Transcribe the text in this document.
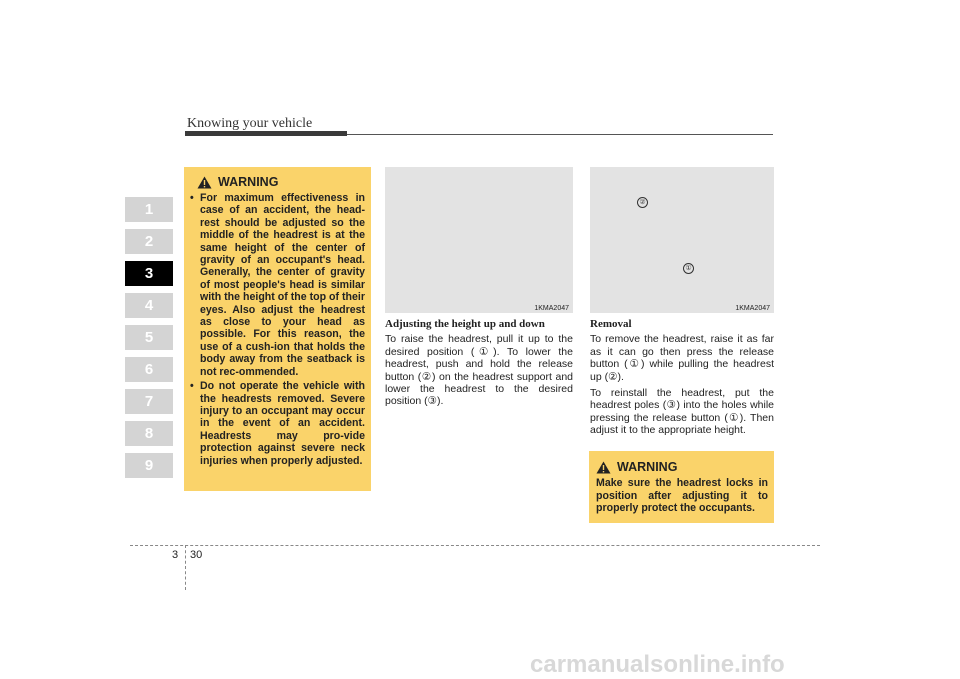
Knowing your vehicle
1
2
3
4
5
6
7
8
9
WARNING
• For maximum effectiveness in case of an accident, the head-rest should be adjusted so the middle of the headrest is at the same height of the center of gravity of an occupant's head. Generally, the center of gravity of most people's head is similar with the height of the top of their eyes. Also adjust the headrest as close to your head as possible. For this reason, the use of a cush-ion that holds the body away from the seatback is not rec-ommended.
• Do not operate the vehicle with the headrests removed. Severe injury to an occupant may occur in the event of an accident. Headrests may pro-vide protection against severe neck injuries when properly adjusted.
1KMA2047
②
①
1KMA2047
Adjusting the height up and down

To raise the headrest, pull it up to the desired position (①). To lower the headrest, push and hold the release button (②) on the headrest support and lower the headrest to the desired position (③).

Removal

To remove the headrest, raise it as far as it can go then press the release button (①) while pulling the headrest up (②).

To reinstall the headrest, put the headrest poles (③) into the holes while pressing the release button (①). Then adjust it to the appropriate height.

WARNING
Make sure the headrest locks in position after adjusting it to properly protect the occupants.
3 30
carmanualsonline.info
